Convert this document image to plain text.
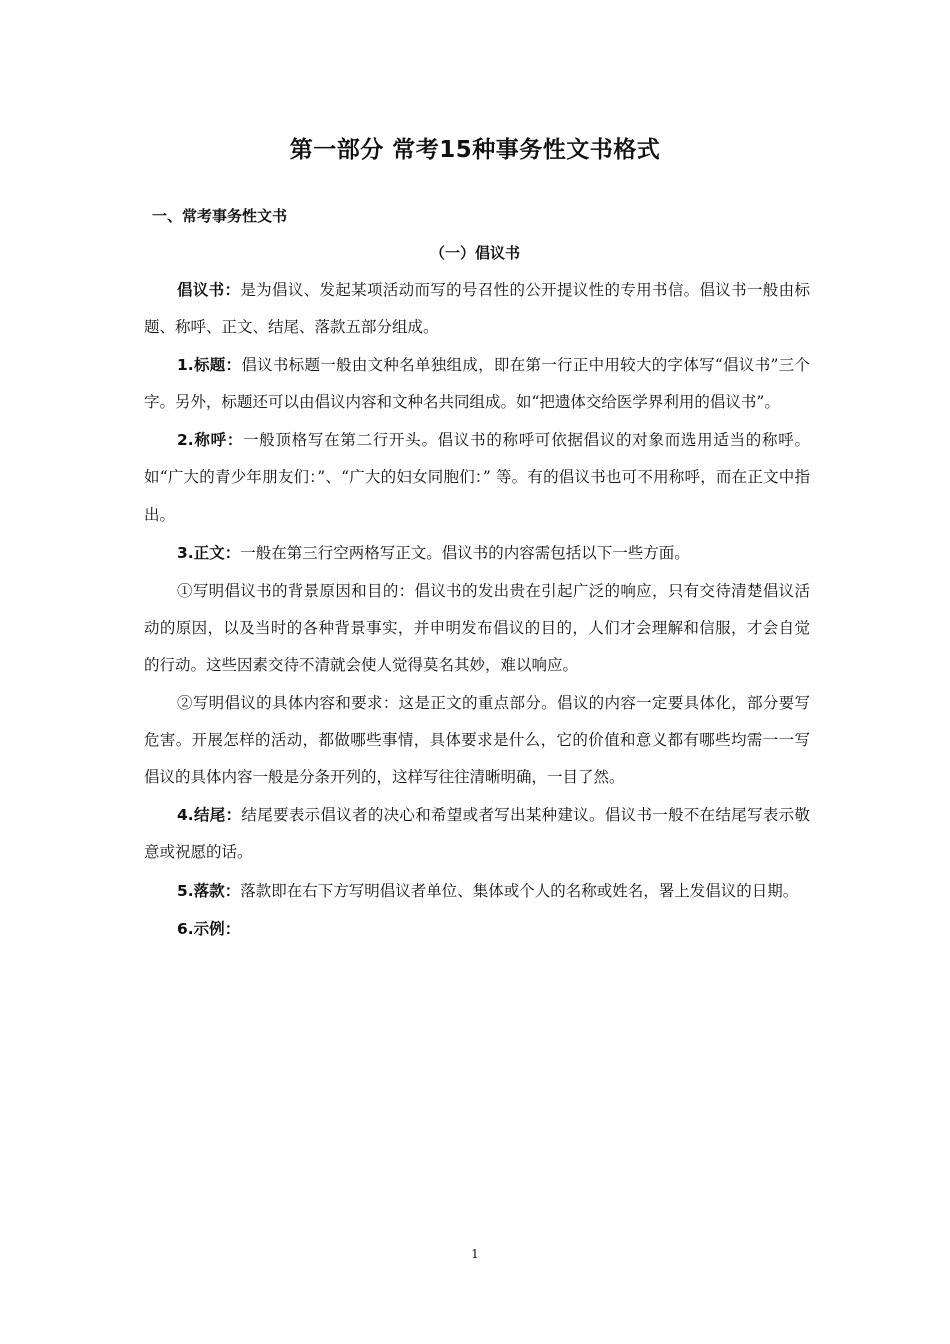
第一部分 常考15种事务性文书格式
一、常考事务性文书
（一）倡议书

倡议书：是为倡议、发起某项活动而写的号召性的公开提议性的专用书信。倡议书一般由标题、称呼、正文、结尾、落款五部分组成。

1.标题：倡议书标题一般由文种名单独组成，即在第一行正中用较大的字体写“倡议书”三个字。另外，标题还可以由倡议内容和文种名共同组成。如“把遗体交给医学界利用的倡议书”。

2.称呼：一般顶格写在第二行开头。倡议书的称呼可依据倡议的对象而选用适当的称呼。如“广大的青少年朋友们：”、“广大的妇女同胞们：” 等。有的倡议书也可不用称呼，而在正文中指出。

3.正文：一般在第三行空两格写正文。倡议书的内容需包括以下一些方面。

①写明倡议书的背景原因和目的：倡议书的发出贵在引起广泛的响应，只有交待清楚倡议活动的原因，以及当时的各种背景事实，并申明发布倡议的目的，人们才会理解和信服，才会自觉的行动。这些因素交待不清就会使人觉得莫名其妙，难以响应。

②写明倡议的具体内容和要求：这是正文的重点部分。倡议的内容一定要具体化，部分要写危害。开展怎样的活动，都做哪些事情，具体要求是什么，它的价值和意义都有哪些均需一一写倡议的具体内容一般是分条开列的，这样写往往清晰明确，一目了然。

4.结尾：结尾要表示倡议者的决心和希望或者写出某种建议。倡议书一般不在结尾写表示敬意或祝愿的话。

5.落款：落款即在右下方写明倡议者单位、集体或个人的名称或姓名，署上发倡议的日期。

6.示例：

1
